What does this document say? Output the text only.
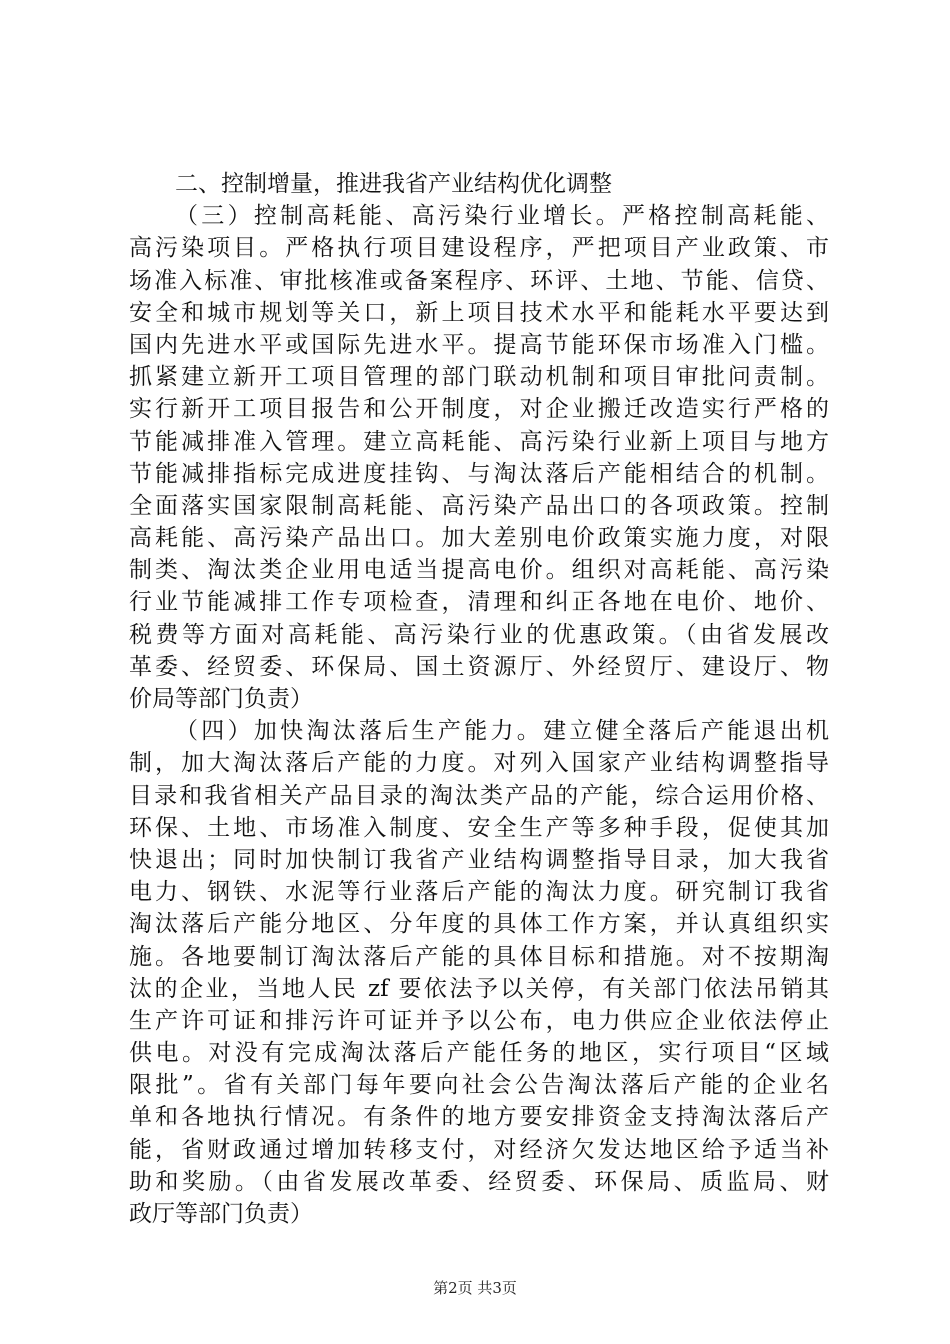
二、控制增量，推进我省产业结构优化调整
（三）控制高耗能、高污染行业增长。严格控制高耗能、
高污染项目。严格执行项目建设程序，严把项目产业政策、市
场准入标准、审批核准或备案程序、环评、土地、节能、信贷、
安全和城市规划等关口，新上项目技术水平和能耗水平要达到
国内先进水平或国际先进水平。提高节能环保市场准入门槛。
抓紧建立新开工项目管理的部门联动机制和项目审批问责制。
实行新开工项目报告和公开制度，对企业搬迁改造实行严格的
节能减排准入管理。建立高耗能、高污染行业新上项目与地方
节能减排指标完成进度挂钩、与淘汰落后产能相结合的机制。
全面落实国家限制高耗能、高污染产品出口的各项政策。控制
高耗能、高污染产品出口。加大差别电价政策实施力度，对限
制类、淘汰类企业用电适当提高电价。组织对高耗能、高污染
行业节能减排工作专项检查，清理和纠正各地在电价、地价、
税费等方面对高耗能、高污染行业的优惠政策。（由省发展改
革委、经贸委、环保局、国土资源厅、外经贸厅、建设厅、物
价局等部门负责）
（四）加快淘汰落后生产能力。建立健全落后产能退出机
制，加大淘汰落后产能的力度。对列入国家产业结构调整指导
目录和我省相关产品目录的淘汰类产品的产能，综合运用价格、
环保、土地、市场准入制度、安全生产等多种手段，促使其加
快退出；同时加快制订我省产业结构调整指导目录，加大我省
电力、钢铁、水泥等行业落后产能的淘汰力度。研究制订我省
淘汰落后产能分地区、分年度的具体工作方案，并认真组织实
施。各地要制订淘汰落后产能的具体目标和措施。对不按期淘
汰的企业，当地人民 zf 要依法予以关停，有关部门依法吊销其
生产许可证和排污许可证并予以公布，电力供应企业依法停止
供电。对没有完成淘汰落后产能任务的地区，实行项目“区域
限批”。省有关部门每年要向社会公告淘汰落后产能的企业名
单和各地执行情况。有条件的地方要安排资金支持淘汰落后产
能，省财政通过增加转移支付，对经济欠发达地区给予适当补
助和奖励。（由省发展改革委、经贸委、环保局、质监局、财
政厅等部门负责）
第2页 共3页
